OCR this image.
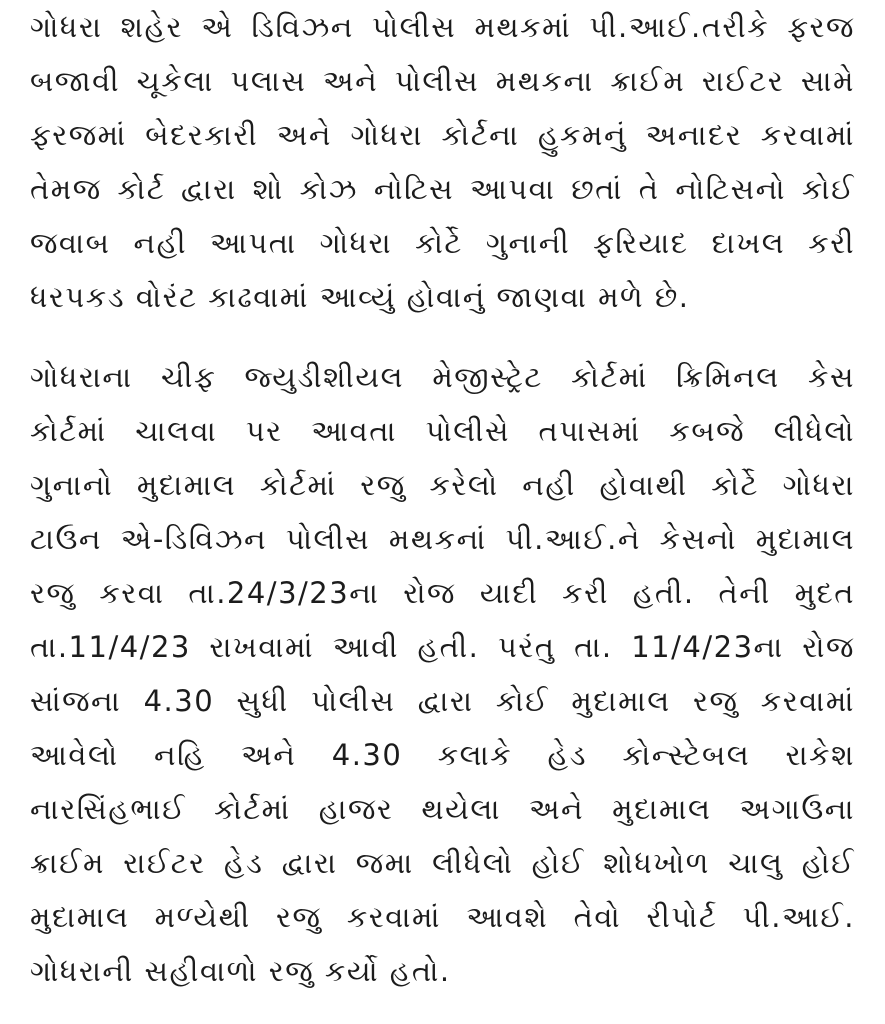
ગોધરા શહેર એ ડિવિઝન પોલીસ મથકમાં પી.આઈ.તરીકે ફરજ
બજાવી ચૂકેલા પલાસ અને પોલીસ મથકના ક્રાઈમ રાઈટર સામે
ફરજમાં બેદરકારી અને ગોધરા કોર્ટના હુકમનું અનાદર કરવામાં
તેમજ કોર્ટ દ્વારા શો કોઝ નોટિસ આપવા છતાં તે નોટિસનો કોઈ
જવાબ નહી આપતા ગોધરા કોર્ટે ગુનાની ફરિયાદ દાખલ કરી
ધરપકડ વોરંટ કાઢવામાં આવ્યું હોવાનું જાણવા મળે છે.

ગોધરાના ચીફ જ્યુડીશીયલ મેજીસ્ટ્રેટ કોર્ટમાં ક્રિમિનલ કેસ
કોર્ટમાં ચાલવા પર આવતા પોલીસે તપાસમાં કબજે લીધેલો
ગુનાનો મુદામાલ કોર્ટમાં રજુ કરેલો નહી હોવાથી કોર્ટે ગોધરા
ટાઉન એ-ડિવિઝન પોલીસ મથકનાં પી.આઈ.ને કેસનો મુદામાલ
રજુ કરવા તા.24/3/23ના રોજ યાદી કરી હતી. તેની મુદત
તા.11/4/23 રાખવામાં આવી હતી. પરંતુ તા. 11/4/23ના રોજ
સાંજના 4.30 સુધી પોલીસ દ્વારા કોઈ મુદામાલ રજુ કરવામાં
આવેલો નહિ અને 4.30 કલાકે હેડ કોન્સ્ટેબલ રાકેશ
નારસિંહભાઈ કોર્ટમાં હાજર થયેલા અને મુદામાલ અગાઉના
ક્રાઈમ રાઈટર હેડ દ્વારા જમા લીધેલો હોઈ શોધખોળ ચાલુ હોઈ
મુદામાલ મળ્યેથી રજુ કરવામાં આવશે તેવો રીપોર્ટ પી.આઈ.
ગોધરાની સહીવાળો રજુ કર્યો હતો.
